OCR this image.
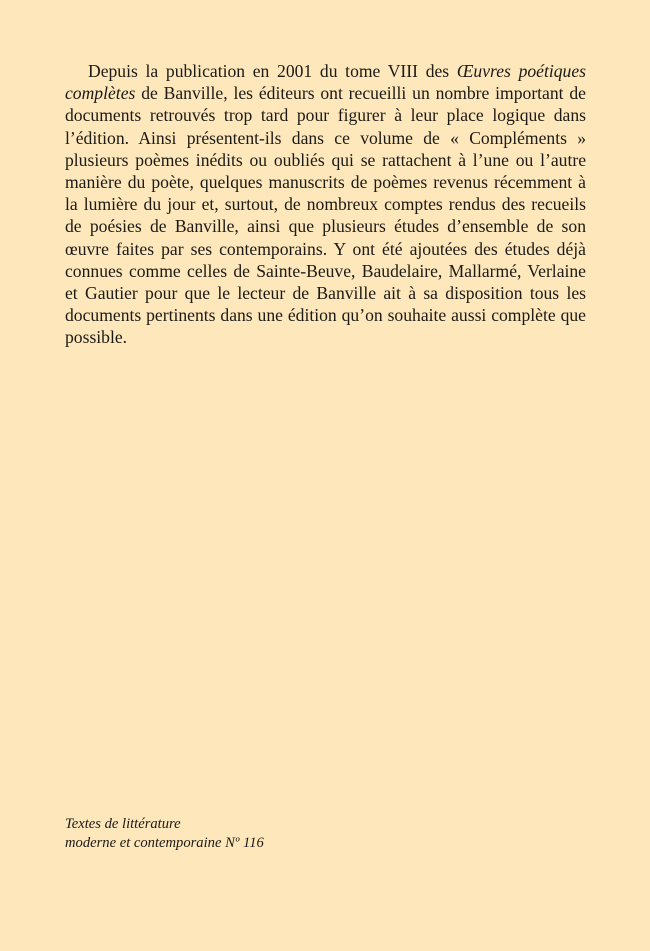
Depuis la publication en 2001 du tome VIII des Œuvres poétiques complètes de Banville, les éditeurs ont recueilli un nombre important de documents retrouvés trop tard pour figurer à leur place logique dans l’édition. Ainsi présentent-ils dans ce volume de « Compléments » plusieurs poèmes inédits ou oubliés qui se rattachent à l’une ou l’autre manière du poète, quelques manuscrits de poèmes revenus récemment à la lumière du jour et, surtout, de nombreux comptes rendus des recueils de poésies de Banville, ainsi que plusieurs études d’ensemble de son œuvre faites par ses contemporains. Y ont été ajoutées des études déjà connues comme celles de Sainte-Beuve, Baudelaire, Mallarmé, Verlaine et Gautier pour que le lecteur de Banville ait à sa disposition tous les documents pertinents dans une édition qu’on souhaite aussi complète que possible.

Textes de littérature
moderne et contemporaine Nº 116
